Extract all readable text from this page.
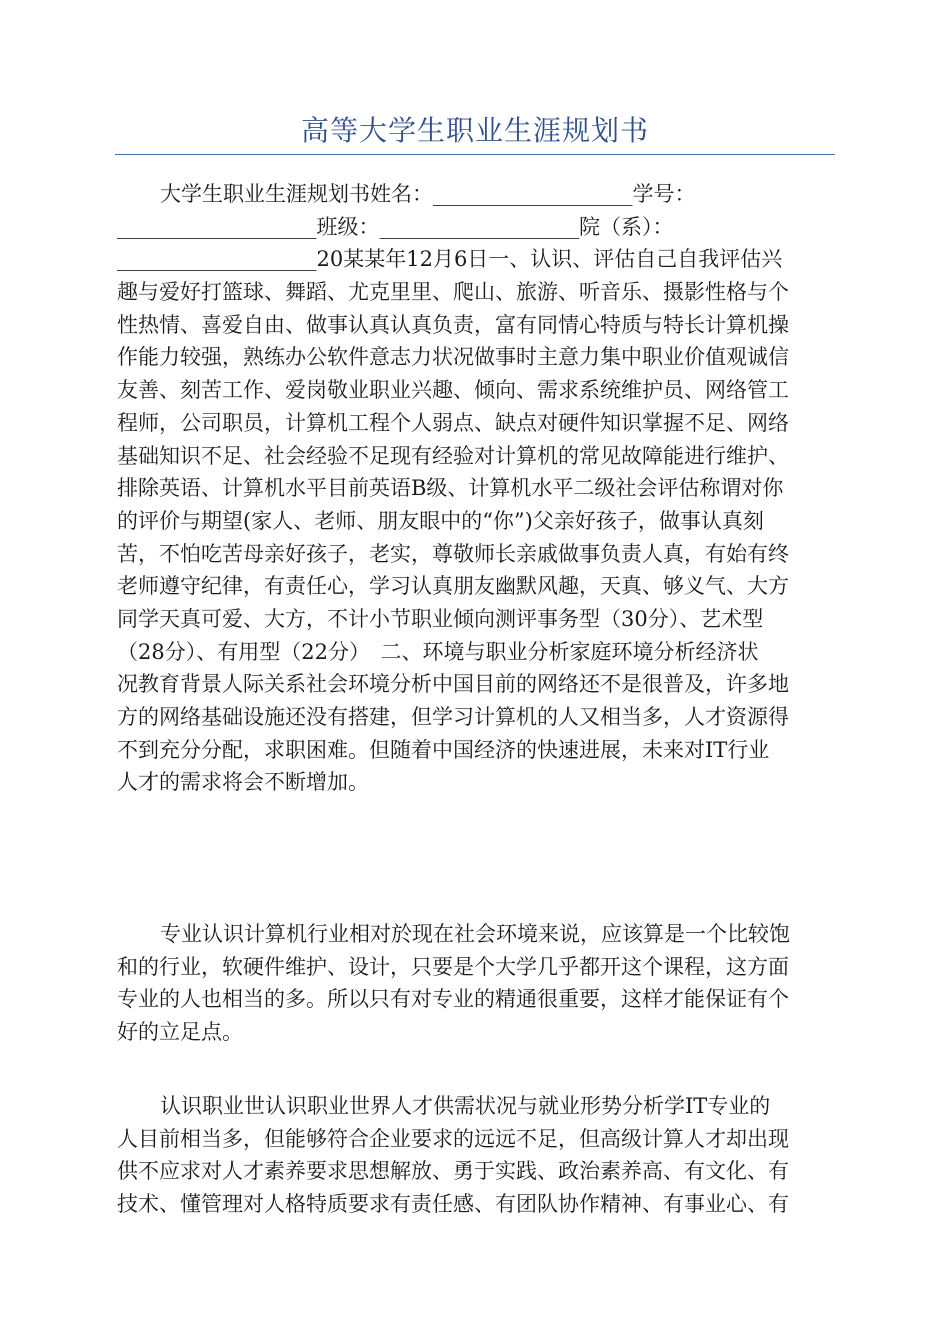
高等大学生职业生涯规划书
大学生职业生涯规划书姓名：___________________学号：
___________________班级：___________________院（系）：
___________________20某某年12月6日一、认识、评估自己自我评估兴
趣与爱好打篮球、舞蹈、尤克里里、爬山、旅游、听音乐、摄影性格与个
性热情、喜爱自由、做事认真认真负责，富有同情心特质与特长计算机操
作能力较强，熟练办公软件意志力状况做事时主意力集中职业价值观诚信
友善、刻苦工作、爱岗敬业职业兴趣、倾向、需求系统维护员、网络管工
程师，公司职员，计算机工程个人弱点、缺点对硬件知识掌握不足、网络
基础知识不足、社会经验不足现有经验对计算机的常见故障能进行维护、
排除英语、计算机水平目前英语B级、计算机水平二级社会评估称谓对你
的评价与期望(家人、老师、朋友眼中的“你”)父亲好孩子，做事认真刻
苦，不怕吃苦母亲好孩子，老实，尊敬师长亲戚做事负责人真，有始有终
老师遵守纪律，有责任心，学习认真朋友幽默风趣，天真、够义气、大方
同学天真可爱、大方，不计小节职业倾向测评事务型（30分）、艺术型
（28分）、有用型（22分）　二、环境与职业分析家庭环境分析经济状
况教育背景人际关系社会环境分析中国目前的网络还不是很普及，许多地
方的网络基础设施还没有搭建，但学习计算机的人又相当多，人才资源得
不到充分分配，求职困难。但随着中国经济的快速进展，未来对IT行业
人才的需求将会不断增加。
专业认识计算机行业相对於现在社会环境来说，应该算是一个比较饱
和的行业，软硬件维护、设计，只要是个大学几乎都开这个课程，这方面
专业的人也相当的多。所以只有对专业的精通很重要，这样才能保证有个
好的立足点。
认识职业世认识职业世界人才供需状况与就业形势分析学IT专业的
人目前相当多，但能够符合企业要求的远远不足，但高级计算人才却出现
供不应求对人才素养要求思想解放、勇于实践、政治素养高、有文化、有
技术、懂管理对人格特质要求有责任感、有团队协作精神、有事业心、有
